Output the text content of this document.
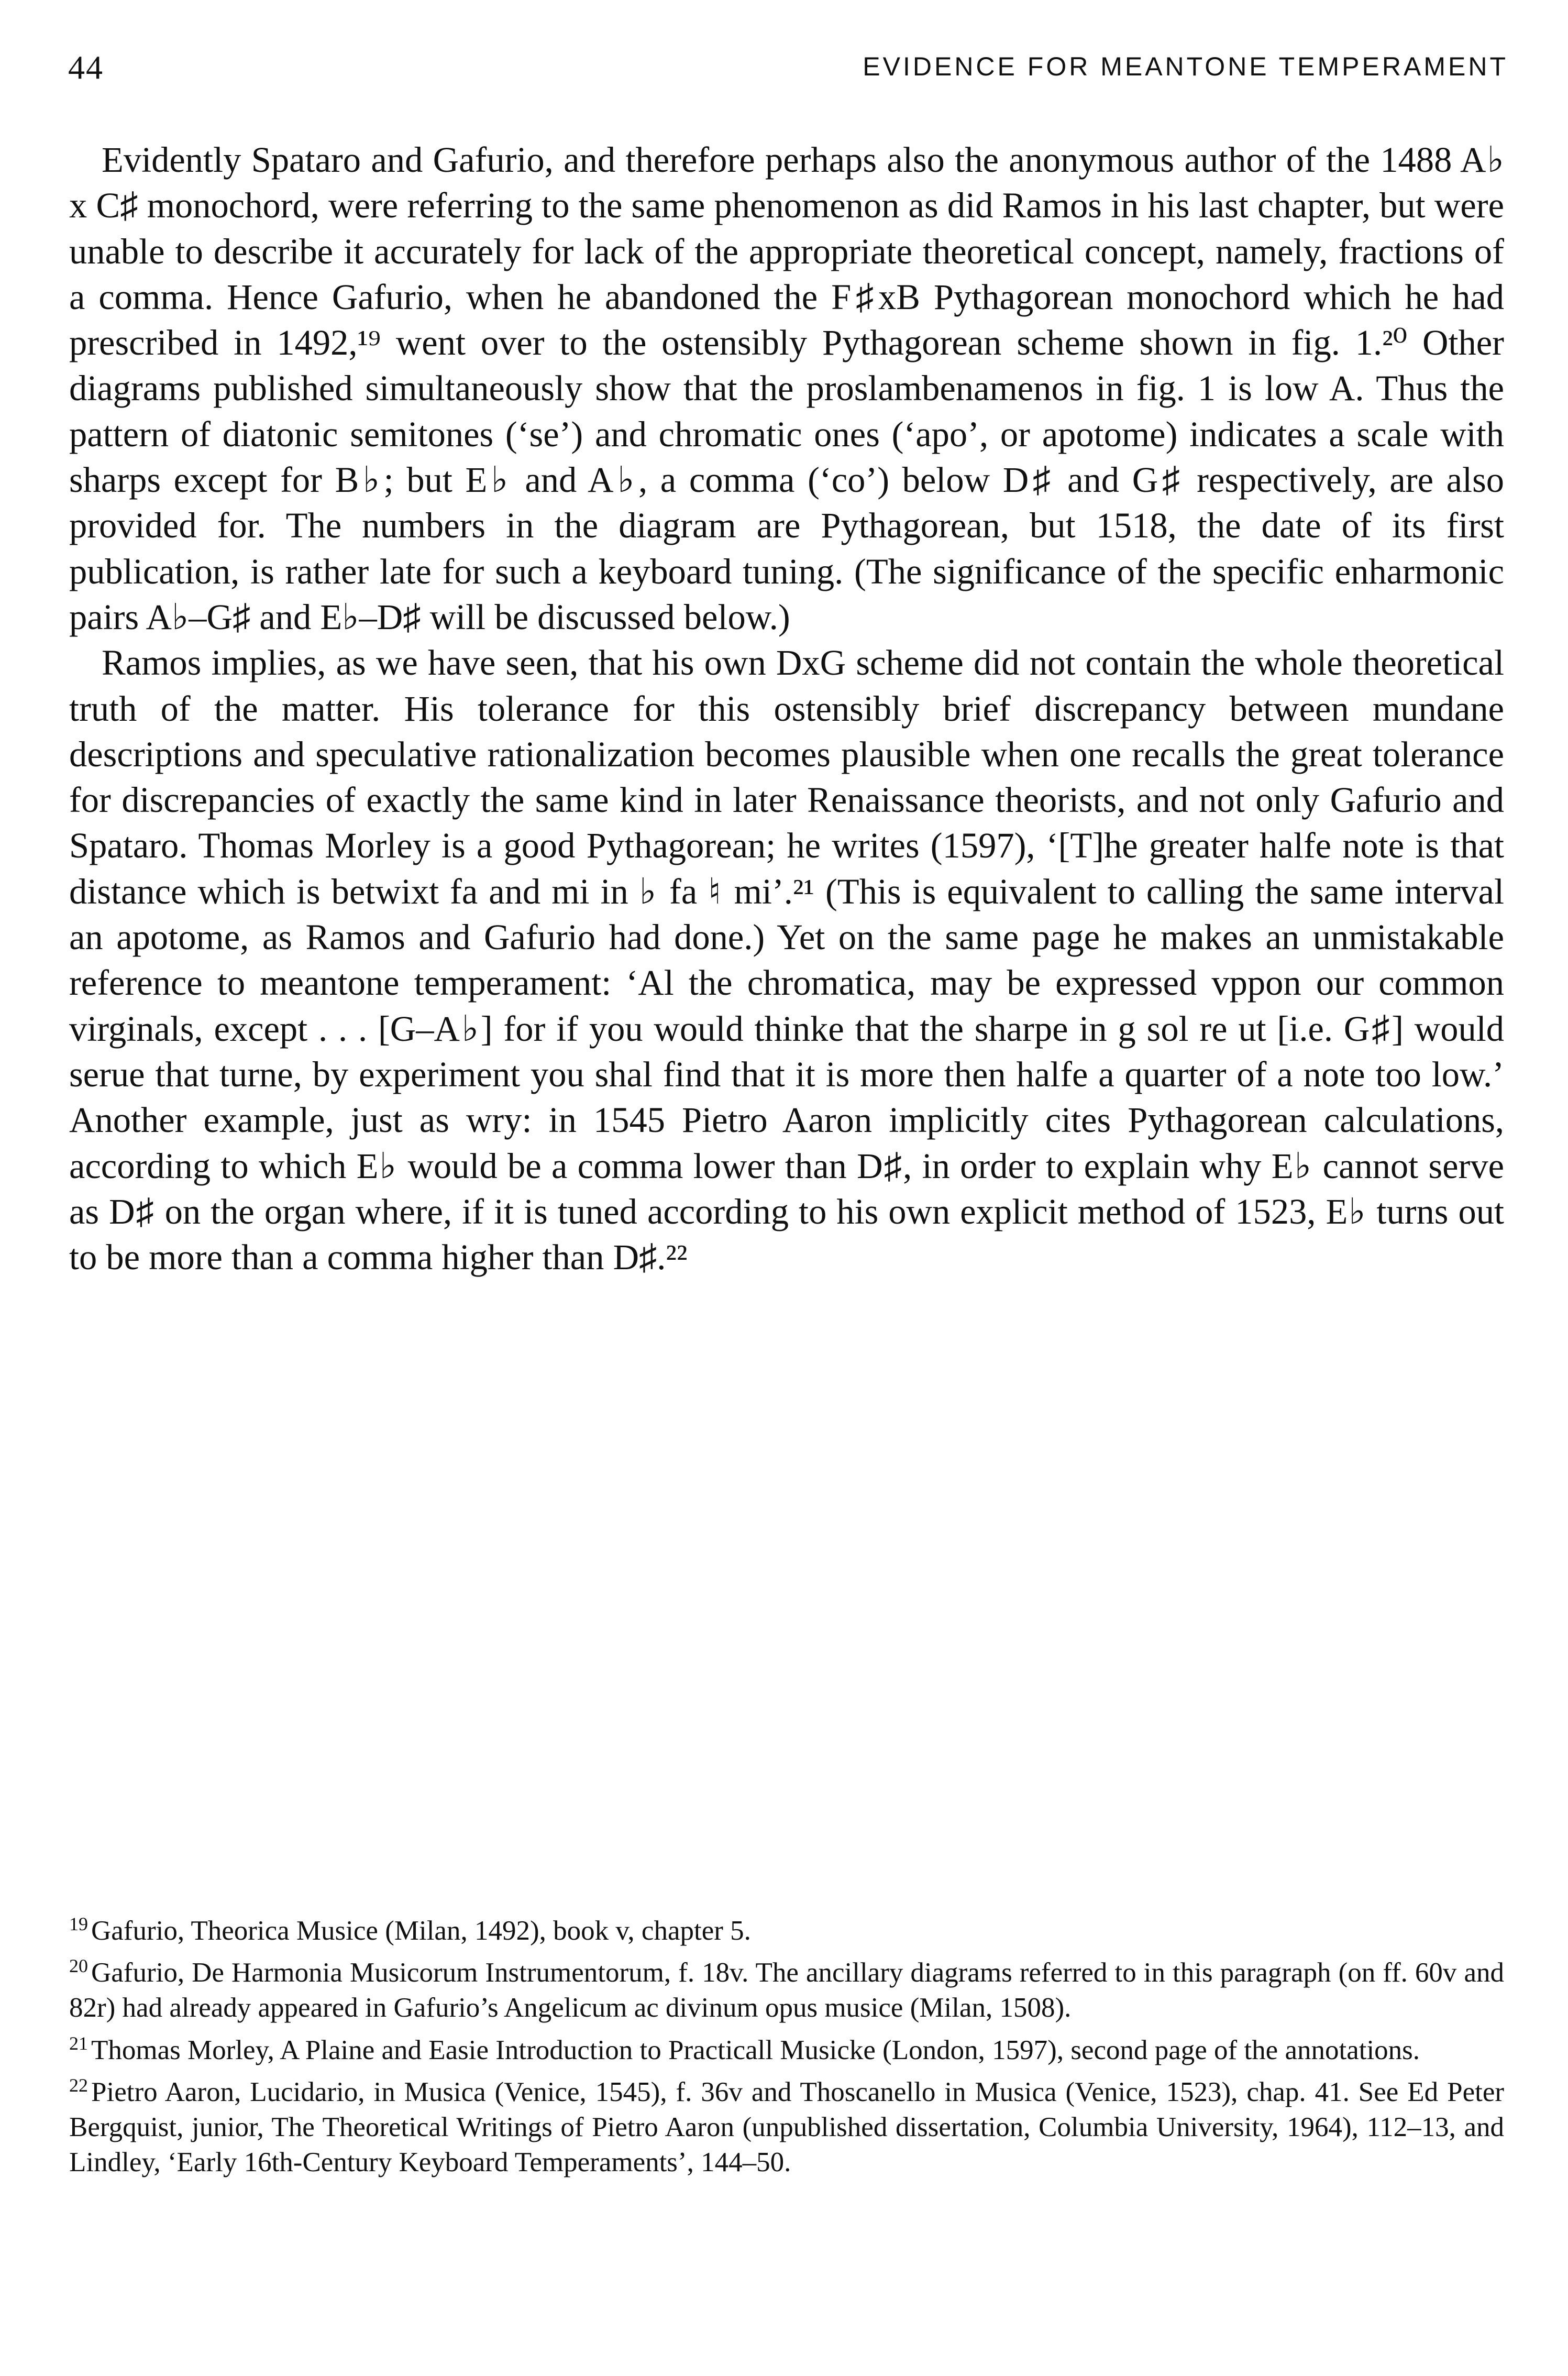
44	EVIDENCE FOR MEANTONE TEMPERAMENT

Evidently Spataro and Gafurio, and therefore perhaps also the anonymous author of the 1488 A♭ x C♯ monochord, were referring to the same phenomenon as did Ramos in his last chapter, but were unable to describe it accurately for lack of the appropriate theoretical concept, namely, fractions of a comma. Hence Gafurio, when he abandoned the F♯xB Pythagorean monochord which he had prescribed in 1492,¹⁹ went over to the ostensibly Pythagorean scheme shown in fig. 1.²⁰ Other diagrams published simultaneously show that the proslambenamenos in fig. 1 is low A. Thus the pattern of diatonic semitones (‘se’) and chromatic ones (‘apo’, or apotome) indicates a scale with sharps except for B♭; but E♭ and A♭, a comma (‘co’) below D♯ and G♯ respectively, are also provided for. The numbers in the diagram are Pythagorean, but 1518, the date of its first publication, is rather late for such a keyboard tuning. (The significance of the specific enharmonic pairs A♭–G♯ and E♭–D♯ will be discussed below.)

Ramos implies, as we have seen, that his own DxG scheme did not contain the whole theoretical truth of the matter. His tolerance for this ostensibly brief discrepancy between mundane descriptions and speculative rationalization becomes plausible when one recalls the great tolerance for discrepancies of exactly the same kind in later Renaissance theorists, and not only Gafurio and Spataro. Thomas Morley is a good Pythagorean; he writes (1597), ‘[T]he greater halfe note is that distance which is betwixt fa and mi in ♭ fa ♮ mi’.²¹ (This is equivalent to calling the same interval an apotome, as Ramos and Gafurio had done.) Yet on the same page he makes an unmistakable reference to meantone temperament: ‘Al the chromatica, may be expressed vppon our common virginals, except . . . [G–A♭] for if you would thinke that the sharpe in g sol re ut [i.e. G♯] would serue that turne, by experiment you shal find that it is more then halfe a quarter of a note too low.’ Another example, just as wry: in 1545 Pietro Aaron implicitly cites Pythagorean calculations, according to which E♭ would be a comma lower than D♯, in order to explain why E♭ cannot serve as D♯ on the organ where, if it is tuned according to his own explicit method of 1523, E♭ turns out to be more than a comma higher than D♯.²²

$^{19}$ Gafurio, Theorica Musice (Milan, 1492), book v, chapter 5.

$^{20}$ Gafurio, De Harmonia Musicorum Instrumentorum, f. 18v. The ancillary diagrams referred to in this paragraph (on ff. 60v and 82r) had already appeared in Gafurio’s Angelicum ac divinum opus musice (Milan, 1508).

$^{21}$ Thomas Morley, A Plaine and Easie Introduction to Practicall Musicke (London, 1597), second page of the annotations.

$^{22}$ Pietro Aaron, Lucidario, in Musica (Venice, 1545), f. 36v and Thoscanello in Musica (Venice, 1523), chap. 41. See Ed Peter Bergquist, junior, The Theoretical Writings of Pietro Aaron (unpublished dissertation, Columbia University, 1964), 112–13, and Lindley, ‘Early 16th-Century Keyboard Temperaments’, 144–50.
